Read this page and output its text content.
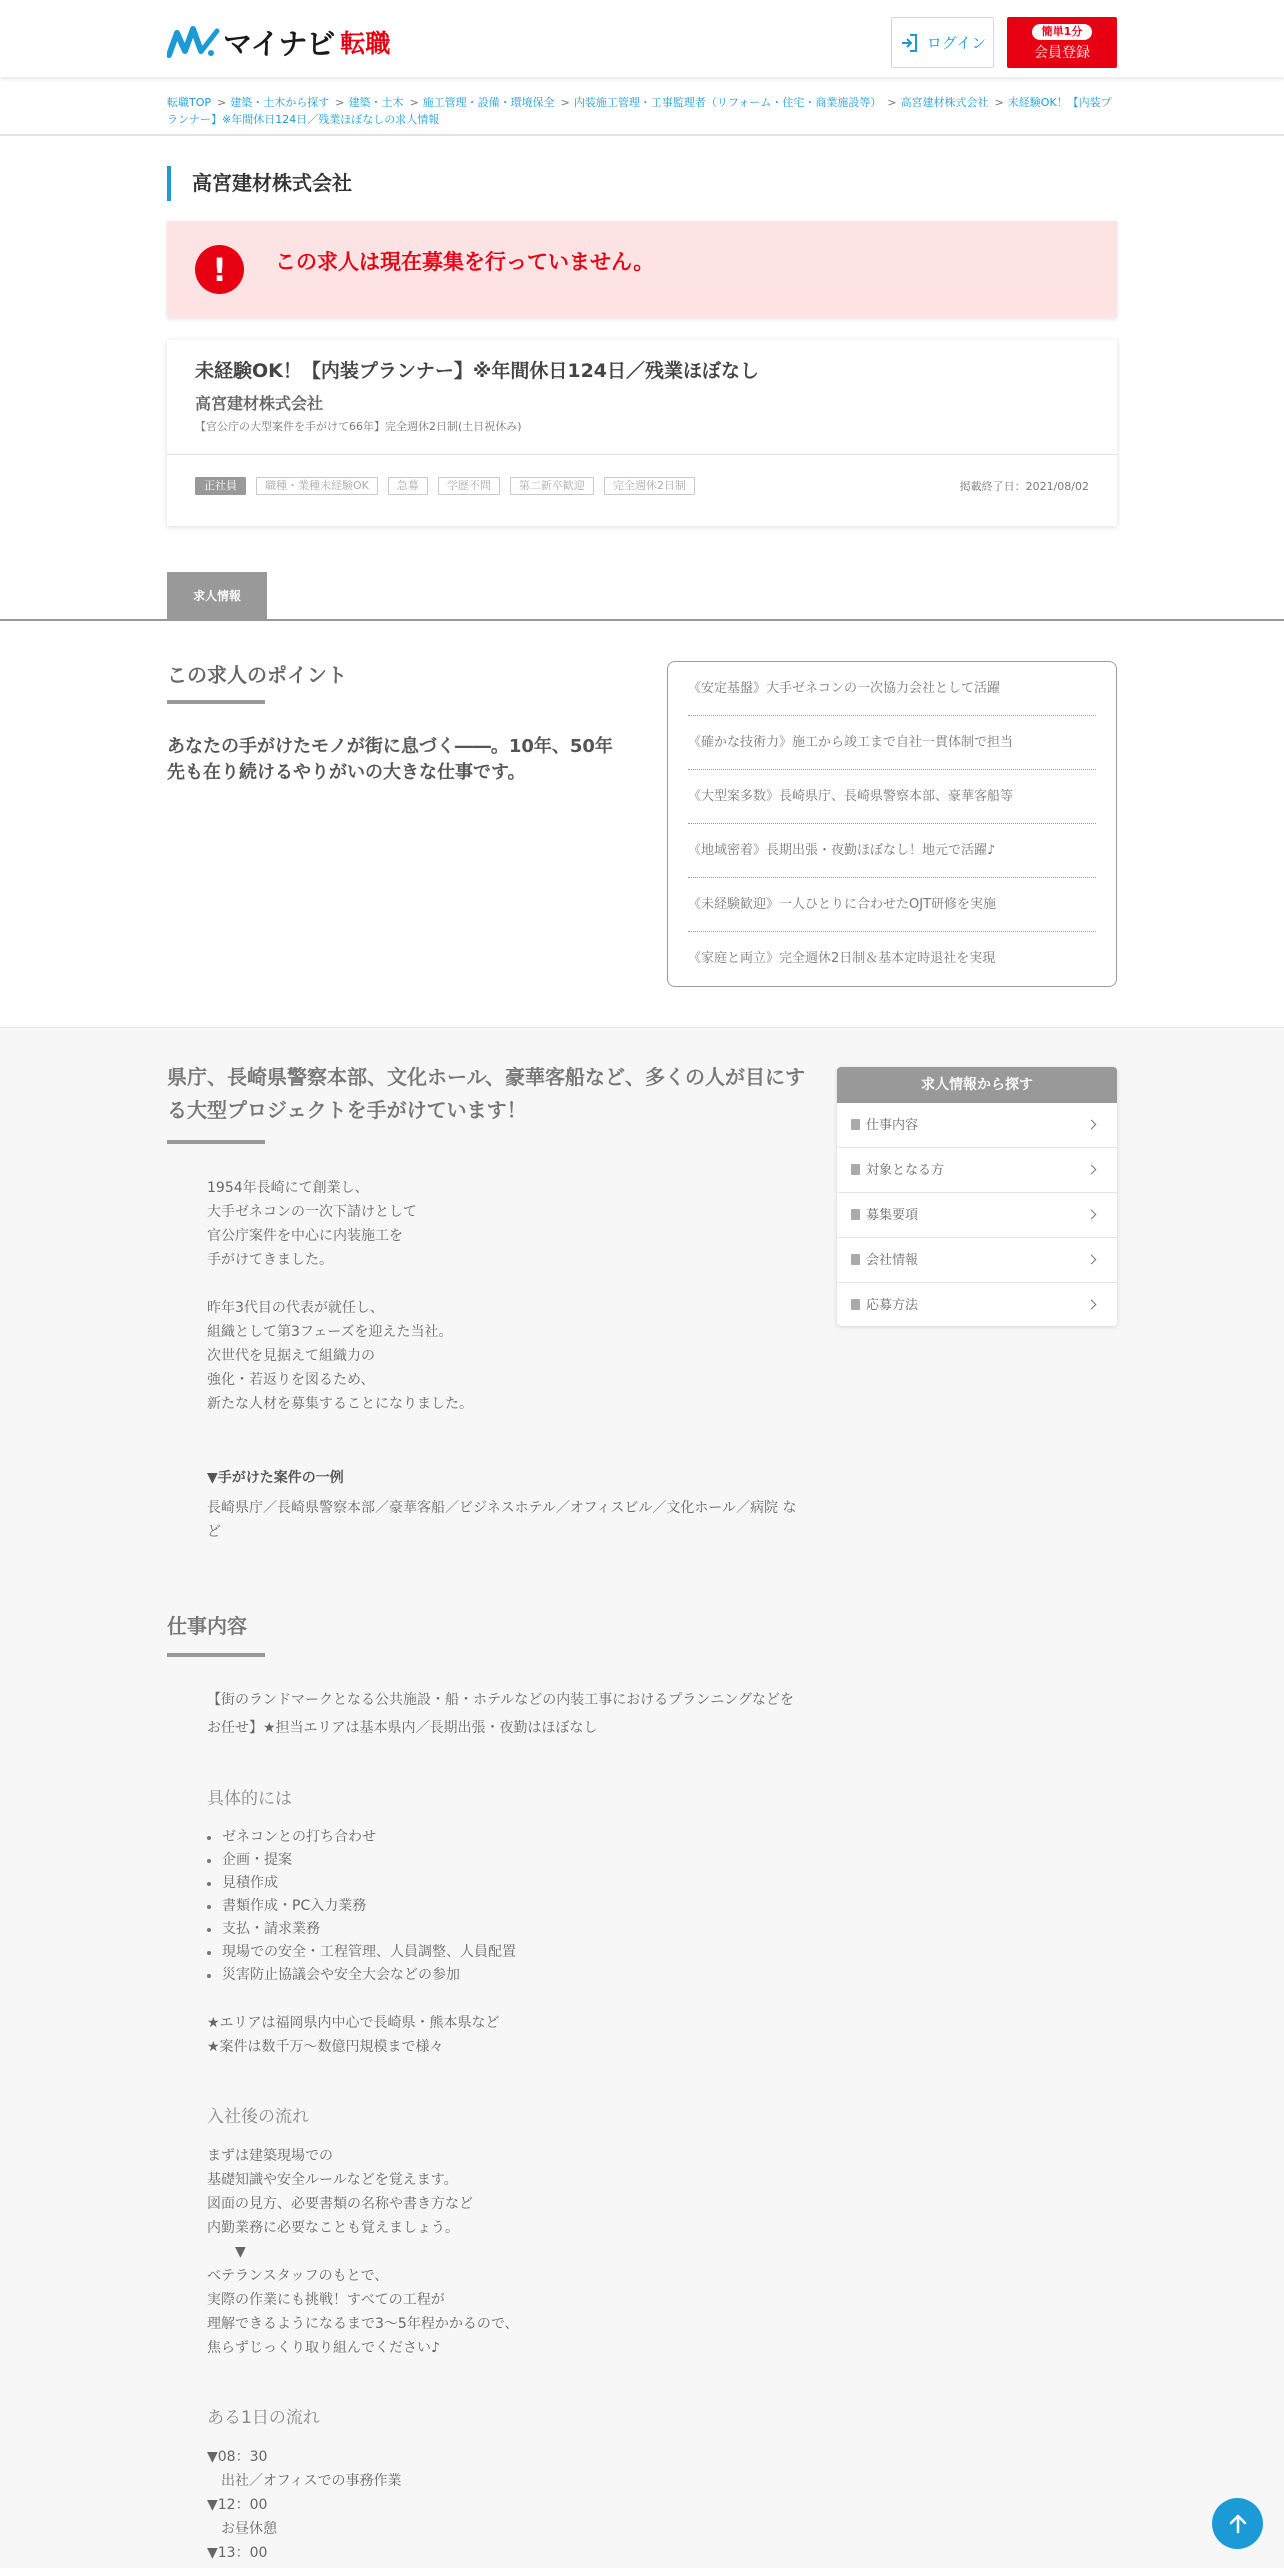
マイナビ 転職	ログイン
簡単1分
会員登録
転職TOP > 建築・土木から探す > 建築・土木 > 施工管理・設備・環境保全 > 内装施工管理・工事監理者（リフォーム・住宅・商業施設等） > 高宮建材株式会社 > 未経験OK！【内装プランナー】※年間休日124日／残業ほぼなしの求人情報
高宮建材株式会社
!	この求人は現在募集を行っていません。
未経験OK！【内装プランナー】※年間休日124日／残業ほぼなし
高宮建材株式会社
【官公庁の大型案件を手がけて66年】完全週休2日制(土日祝休み)
正社員	職種・業種未経験OK	急募	学歴不問	第二新卒歓迎	完全週休2日制	掲載終了日：2021/08/02
求人情報
この求人のポイント
あなたの手がけたモノが街に息づく――。10年、50年先も在り続けるやりがいの大きな仕事です。
《安定基盤》大手ゼネコンの一次協力会社として活躍
《確かな技術力》施工から竣工まで自社一貫体制で担当
《大型案多数》長崎県庁、長崎県警察本部、豪華客船等
《地域密着》長期出張・夜勤ほぼなし！地元で活躍♪
《未経験歓迎》一人ひとりに合わせたOJT研修を実施
《家庭と両立》完全週休2日制＆基本定時退社を実現
県庁、長崎県警察本部、文化ホール、豪華客船など、多くの人が目にする大型プロジェクトを手がけています！
1954年長崎にて創業し、
大手ゼネコンの一次下請けとして
官公庁案件を中心に内装施工を
手がけてきました。
昨年3代目の代表が就任し、
組織として第3フェーズを迎えた当社。
次世代を見据えて組織力の
強化・若返りを図るため、
新たな人材を募集することになりました。
▼手がけた案件の一例
長崎県庁／長崎県警察本部／豪華客船／ビジネスホテル／オフィスビル／文化ホール／病院 など
求人情報から探す
仕事内容
対象となる方
募集要項
会社情報
応募方法
仕事内容
【街のランドマークとなる公共施設・船・ホテルなどの内装工事におけるプランニングなどをお任せ】★担当エリアは基本県内／長期出張・夜勤はほぼなし
具体的には
ゼネコンとの打ち合わせ
企画・提案
見積作成
書類作成・PC入力業務
支払・請求業務
現場での安全・工程管理、人員調整、人員配置
災害防止協議会や安全大会などの参加
★エリアは福岡県内中心で長崎県・熊本県など
★案件は数千万～数億円規模まで様々
入社後の流れ
まずは建築現場での
基礎知識や安全ルールなどを覚えます。
図面の見方、必要書類の名称や書き方など
内勤業務に必要なことも覚えましょう。
　　▼
ベテランスタッフのもとで、
実際の作業にも挑戦！すべての工程が
理解できるようになるまで3～5年程かかるので、
焦らずじっくり取り組んでください♪
ある1日の流れ
▼08：30
　出社／オフィスでの事務作業
▼12：00
　お昼休憩
▼13：00
